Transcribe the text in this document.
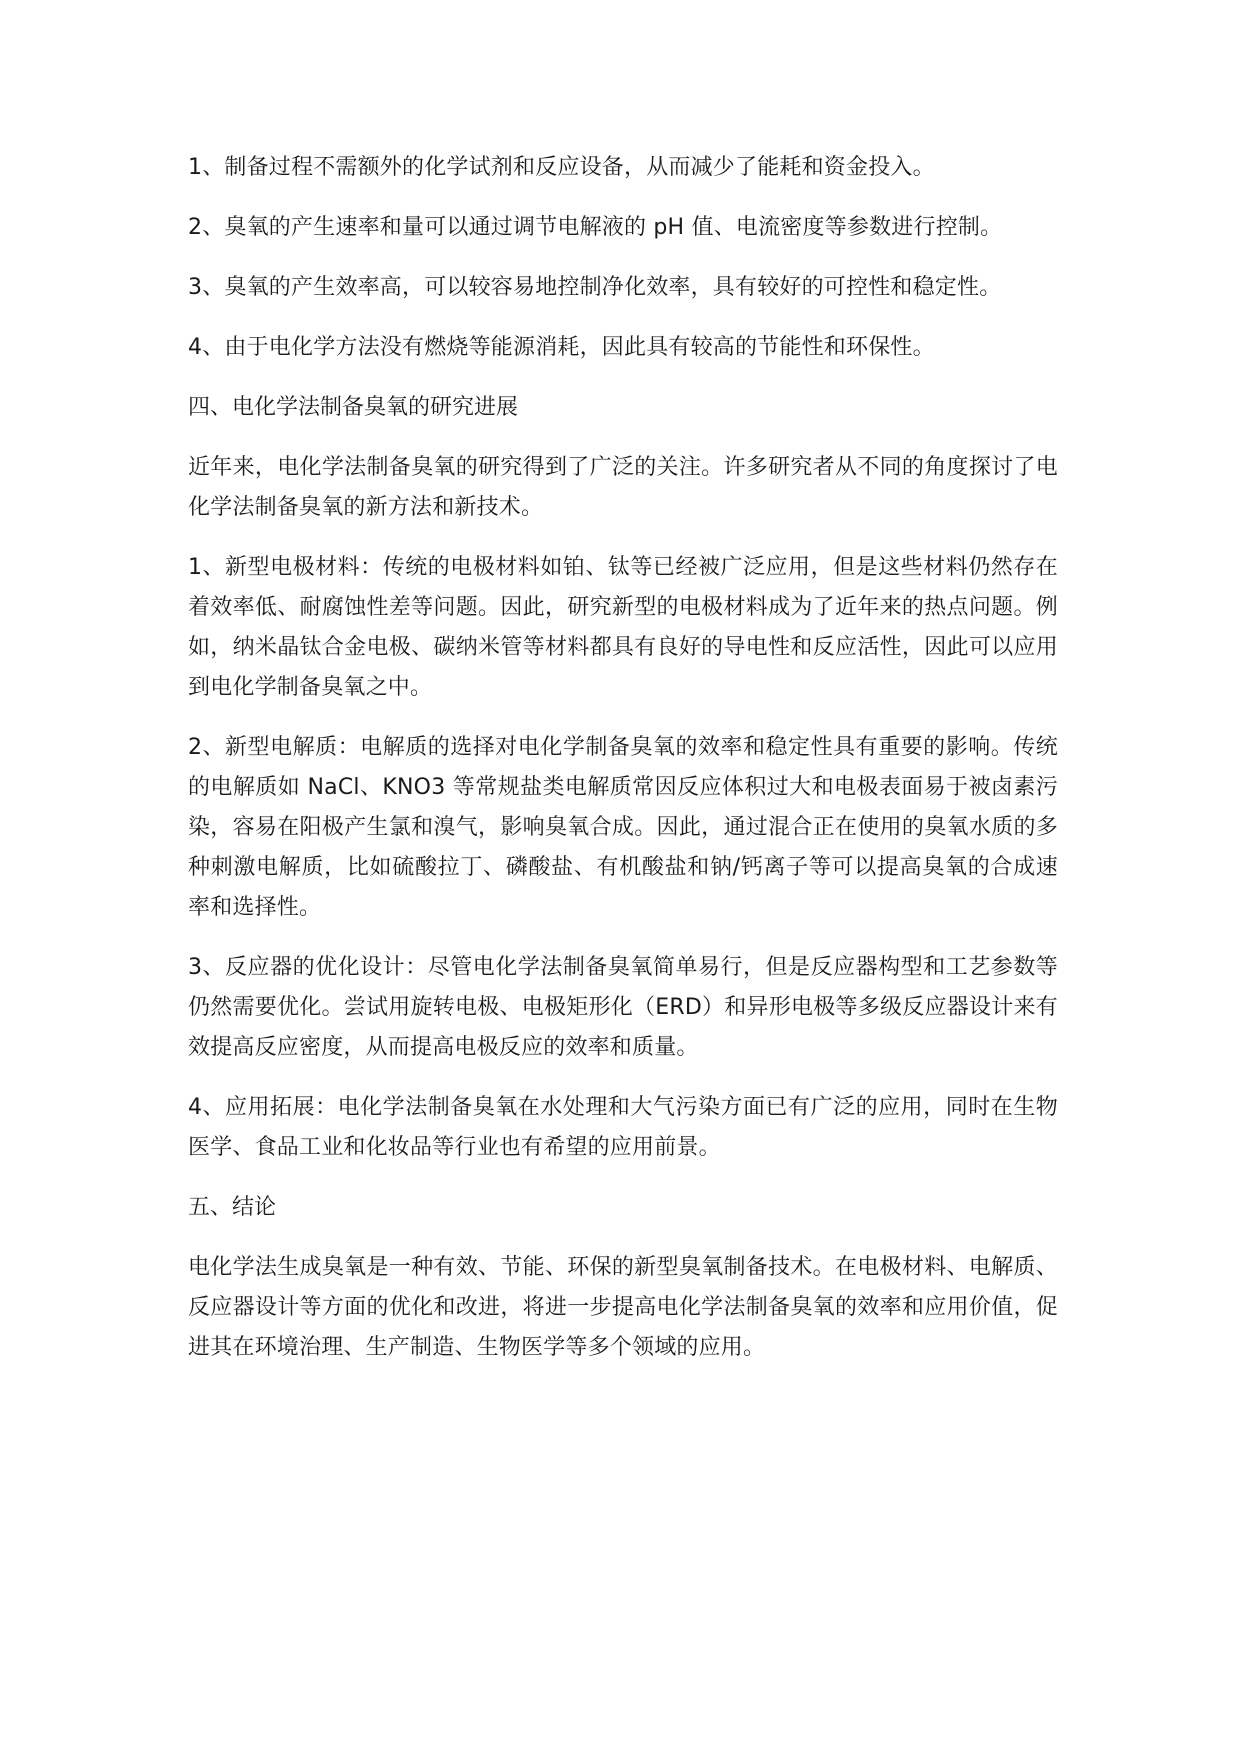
1、制备过程不需额外的化学试剂和反应设备，从而减少了能耗和资金投入。

2、臭氧的产生速率和量可以通过调节电解液的 pH 值、电流密度等参数进行控制。

3、臭氧的产生效率高，可以较容易地控制净化效率，具有较好的可控性和稳定性。

4、由于电化学方法没有燃烧等能源消耗，因此具有较高的节能性和环保性。

四、电化学法制备臭氧的研究进展

近年来，电化学法制备臭氧的研究得到了广泛的关注。许多研究者从不同的角度探讨了电化学法制备臭氧的新方法和新技术。

1、新型电极材料：传统的电极材料如铂、钛等已经被广泛应用，但是这些材料仍然存在着效率低、耐腐蚀性差等问题。因此，研究新型的电极材料成为了近年来的热点问题。例如，纳米晶钛合金电极、碳纳米管等材料都具有良好的导电性和反应活性，因此可以应用到电化学制备臭氧之中。

2、新型电解质：电解质的选择对电化学制备臭氧的效率和稳定性具有重要的影响。传统的电解质如 NaCl、KNO3 等常规盐类电解质常因反应体积过大和电极表面易于被卤素污染，容易在阳极产生氯和溴气，影响臭氧合成。因此，通过混合正在使用的臭氧水质的多种刺激电解质，比如硫酸拉丁、磷酸盐、有机酸盐和钠/钙离子等可以提高臭氧的合成速率和选择性。

3、反应器的优化设计：尽管电化学法制备臭氧简单易行，但是反应器构型和工艺参数等仍然需要优化。尝试用旋转电极、电极矩形化（ERD）和异形电极等多级反应器设计来有效提高反应密度，从而提高电极反应的效率和质量。

4、应用拓展：电化学法制备臭氧在水处理和大气污染方面已有广泛的应用，同时在生物医学、食品工业和化妆品等行业也有希望的应用前景。

五、结论

电化学法生成臭氧是一种有效、节能、环保的新型臭氧制备技术。在电极材料、电解质、反应器设计等方面的优化和改进，将进一步提高电化学法制备臭氧的效率和应用价值，促进其在环境治理、生产制造、生物医学等多个领域的应用。
